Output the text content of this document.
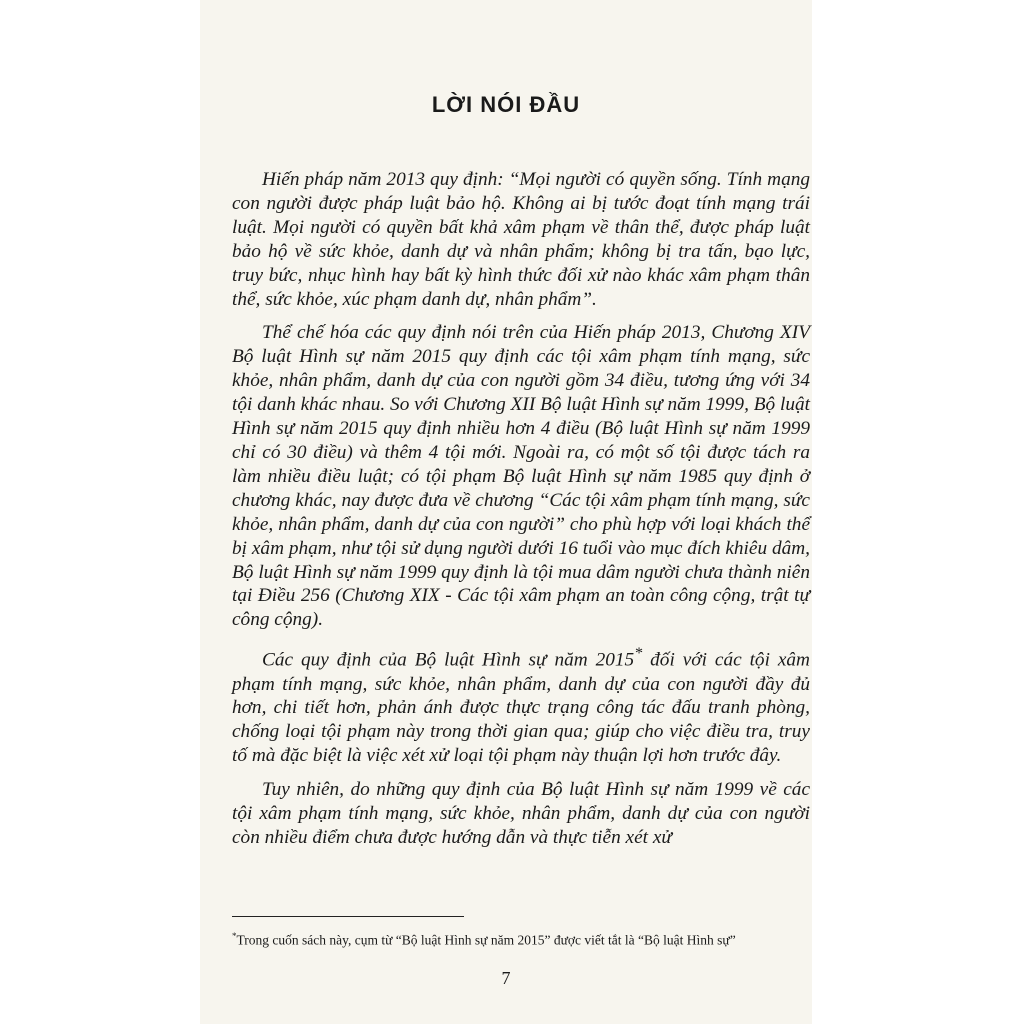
LỜI NÓI ĐẦU

Hiến pháp năm 2013 quy định: “Mọi người có quyền sống. Tính mạng con người được pháp luật bảo hộ. Không ai bị tước đoạt tính mạng trái luật. Mọi người có quyền bất khả xâm phạm về thân thể, được pháp luật bảo hộ về sức khỏe, danh dự và nhân phẩm; không bị tra tấn, bạo lực, truy bức, nhục hình hay bất kỳ hình thức đối xử nào khác xâm phạm thân thể, sức khỏe, xúc phạm danh dự, nhân phẩm”.

Thể chế hóa các quy định nói trên của Hiến pháp 2013, Chương XIV Bộ luật Hình sự năm 2015 quy định các tội xâm phạm tính mạng, sức khỏe, nhân phẩm, danh dự của con người gồm 34 điều, tương ứng với 34 tội danh khác nhau. So với Chương XII Bộ luật Hình sự năm 1999, Bộ luật Hình sự năm 2015 quy định nhiều hơn 4 điều (Bộ luật Hình sự năm 1999 chỉ có 30 điều) và thêm 4 tội mới. Ngoài ra, có một số tội được tách ra làm nhiều điều luật; có tội phạm Bộ luật Hình sự năm 1985 quy định ở chương khác, nay được đưa về chương “Các tội xâm phạm tính mạng, sức khỏe, nhân phẩm, danh dự của con người” cho phù hợp với loại khách thể bị xâm phạm, như tội sử dụng người dưới 16 tuổi vào mục đích khiêu dâm, Bộ luật Hình sự năm 1999 quy định là tội mua dâm người chưa thành niên tại Điều 256 (Chương XIX - Các tội xâm phạm an toàn công cộng, trật tự công cộng).

Các quy định của Bộ luật Hình sự năm 2015* đối với các tội xâm phạm tính mạng, sức khỏe, nhân phẩm, danh dự của con người đầy đủ hơn, chi tiết hơn, phản ánh được thực trạng công tác đấu tranh phòng, chống loại tội phạm này trong thời gian qua; giúp cho việc điều tra, truy tố mà đặc biệt là việc xét xử loại tội phạm này thuận lợi hơn trước đây.

Tuy nhiên, do những quy định của Bộ luật Hình sự năm 1999 về các tội xâm phạm tính mạng, sức khỏe, nhân phẩm, danh dự của con người còn nhiều điểm chưa được hướng dẫn và thực tiễn xét xử

*Trong cuốn sách này, cụm từ “Bộ luật Hình sự năm 2015” được viết tắt là “Bộ luật Hình sự”
7
